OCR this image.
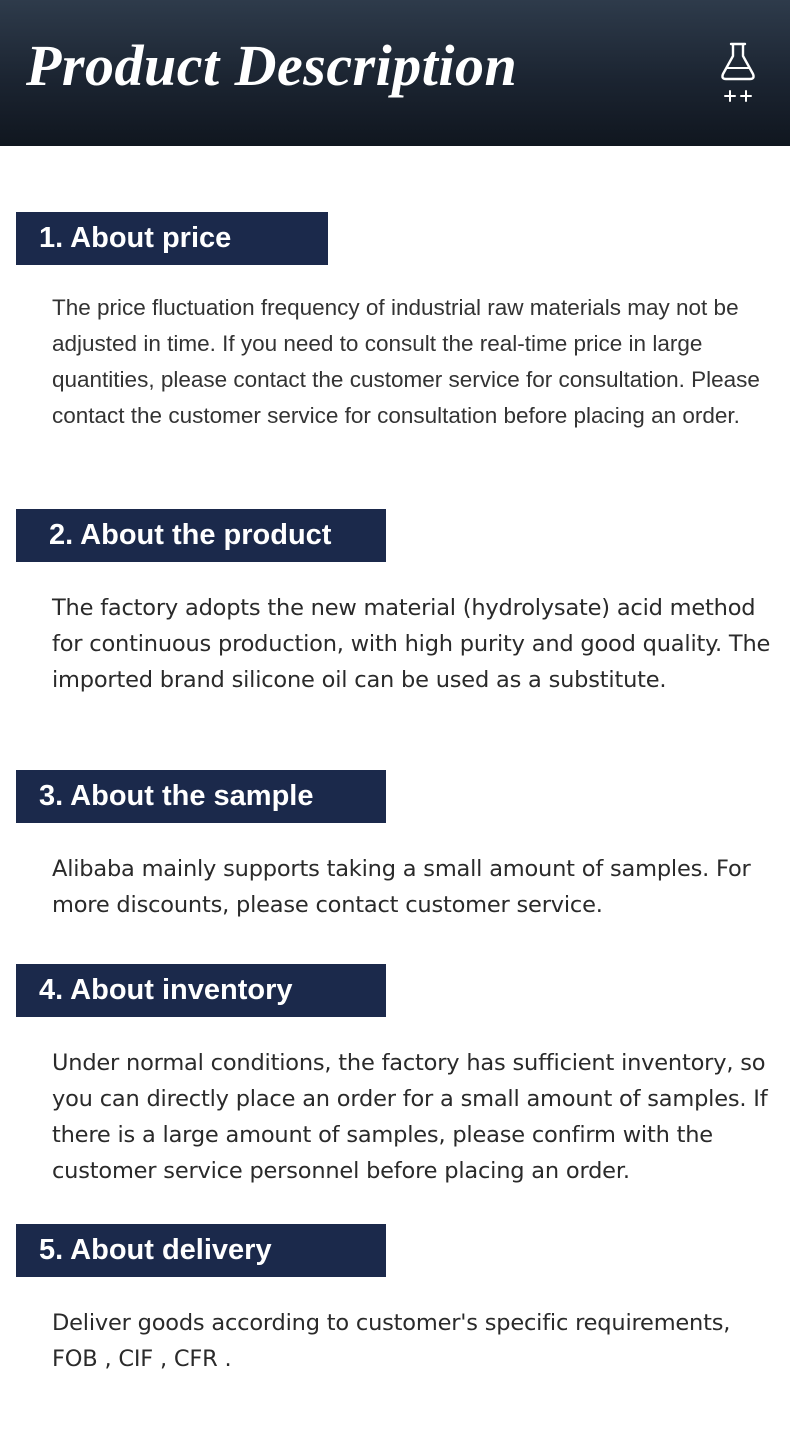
Product Description
1. About price

The price fluctuation frequency of industrial raw materials may not be adjusted in time. If you need to consult the real-time price in large quantities, please contact the customer service for consultation. Please contact the customer service for consultation before placing an order.

2. About the product

The factory adopts the new material (hydrolysate) acid method for continuous production, with high purity and good quality. The imported brand silicone oil can be used as a substitute.

3. About the sample

Alibaba mainly supports taking a small amount of samples. For more discounts, please contact customer service.

4. About inventory

Under normal conditions, the factory has sufficient inventory, so you can directly place an order for a small amount of samples. If there is a large amount of samples, please confirm with the customer service personnel before placing an order.

5. About delivery

Deliver goods according to customer's specific requirements, FOB , CIF , CFR .
